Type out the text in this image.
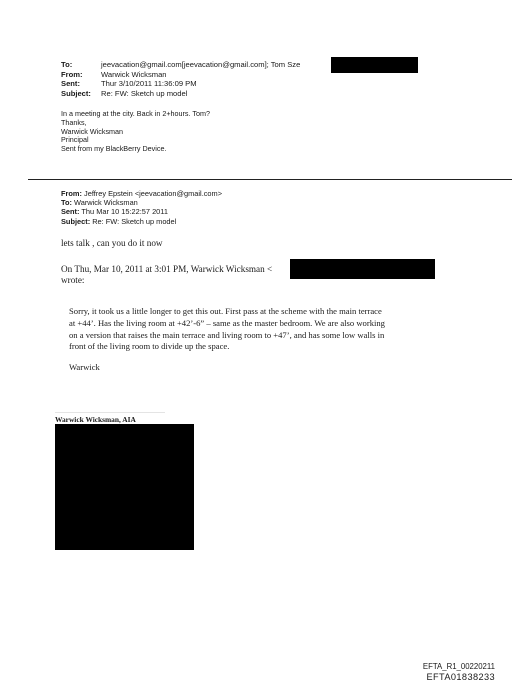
To:	jeevacation@gmail.com[jeevacation@gmail.com]; Tom Sze
From: Warwick Wicksman
Sent:	Thur 3/10/2011 11:36:09 PM
Subject: Re: FW: Sketch up model
In a meeting at the city. Back in 2+hours. Tom?
Thanks,
Warwick Wicksman
Principal
Sent from my BlackBerry Device.
From: Jeffrey Epstein <jeevacation@gmail.com>
To: Warwick Wicksman
Sent: Thu Mar 10 15:22:57 2011
Subject: Re: FW: Sketch up model
lets talk , can you do it now
On Thu, Mar 10, 2011 at 3:01 PM, Warwick Wicksman <
wrote:
Sorry, it took us a little longer to get this out. First pass at the scheme with the main terrace
at +44’. Has the living room at +42’-6” – same as the master bedroom. We are also working
on a version that raises the main terrace and living room to +47’, and has some low walls in
front of the living room to divide up the space.
Warwick
Warwick Wicksman, AIA
EFTA_R1_00220211
EFTA01838233
